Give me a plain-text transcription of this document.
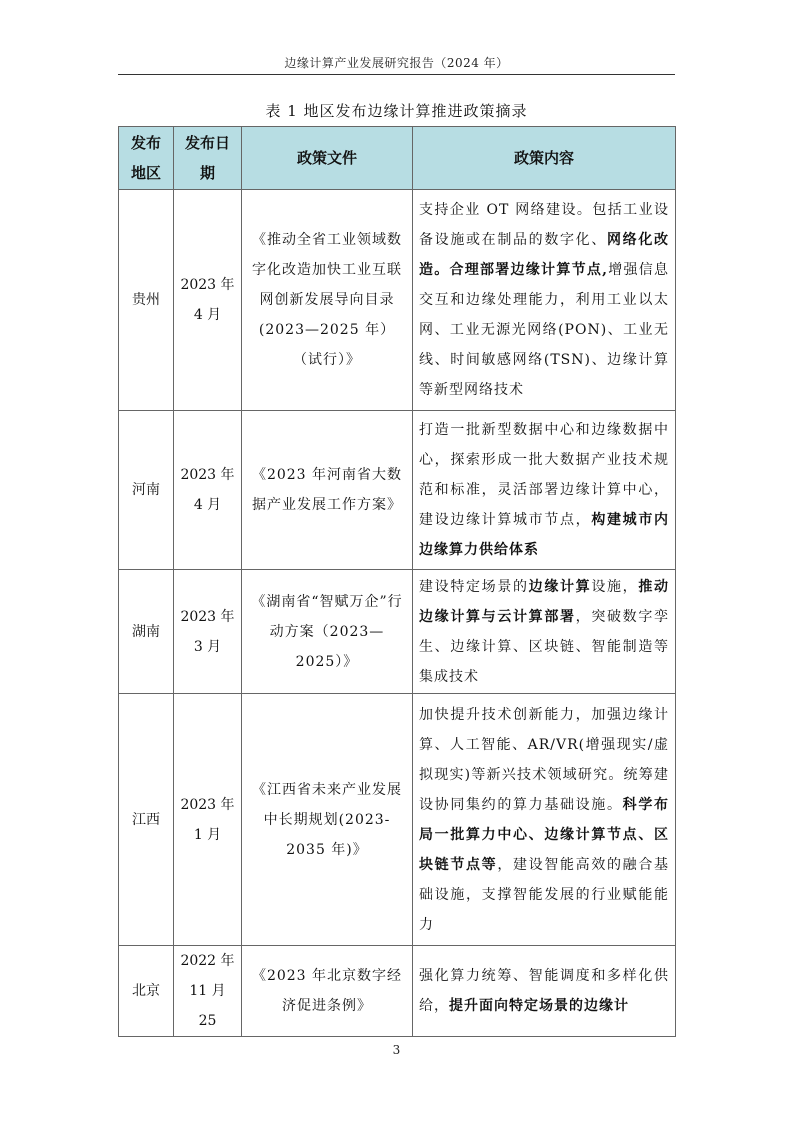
边缘计算产业发展研究报告（2024 年）
表 1 地区发布边缘计算推进政策摘录
发布地区	发布日期	政策文件	政策内容
贵州	2023 年 4 月	《推动全省工业领域数字化改造加快工业互联网创新发展导向目录(2023—2025 年）（试行）》	支持企业 OT 网络建设。包括工业设备设施或在制品的数字化、网络化改造。合理部署边缘计算节点,增强信息交互和边缘处理能力，利用工业以太网、工业无源光网络(PON)、工业无线、时间敏感网络(TSN)、边缘计算等新型网络技术
河南	2023 年 4 月	《2023 年河南省大数据产业发展工作方案》	打造一批新型数据中心和边缘数据中心，探索形成一批大数据产业技术规范和标准，灵活部署边缘计算中心，建设边缘计算城市节点，构建城市内边缘算力供给体系
湖南	2023 年 3 月	《湖南省“智赋万企”行动方案（2023—2025）》	建设特定场景的边缘计算设施，推动边缘计算与云计算部署，突破数字孪生、边缘计算、区块链、智能制造等集成技术
江西	2023 年 1 月	《江西省未来产业发展中长期规划(2023-2035 年)》	加快提升技术创新能力，加强边缘计算、人工智能、AR/VR(增强现实/虚拟现实)等新兴技术领域研究。统筹建设协同集约的算力基础设施。科学布局一批算力中心、边缘计算节点、区块链节点等，建设智能高效的融合基础设施，支撑智能发展的行业赋能能力
北京	2022 年 11 月 25	《2023 年北京数字经济促进条例》	强化算力统筹、智能调度和多样化供给，提升面向特定场景的边缘计
3
